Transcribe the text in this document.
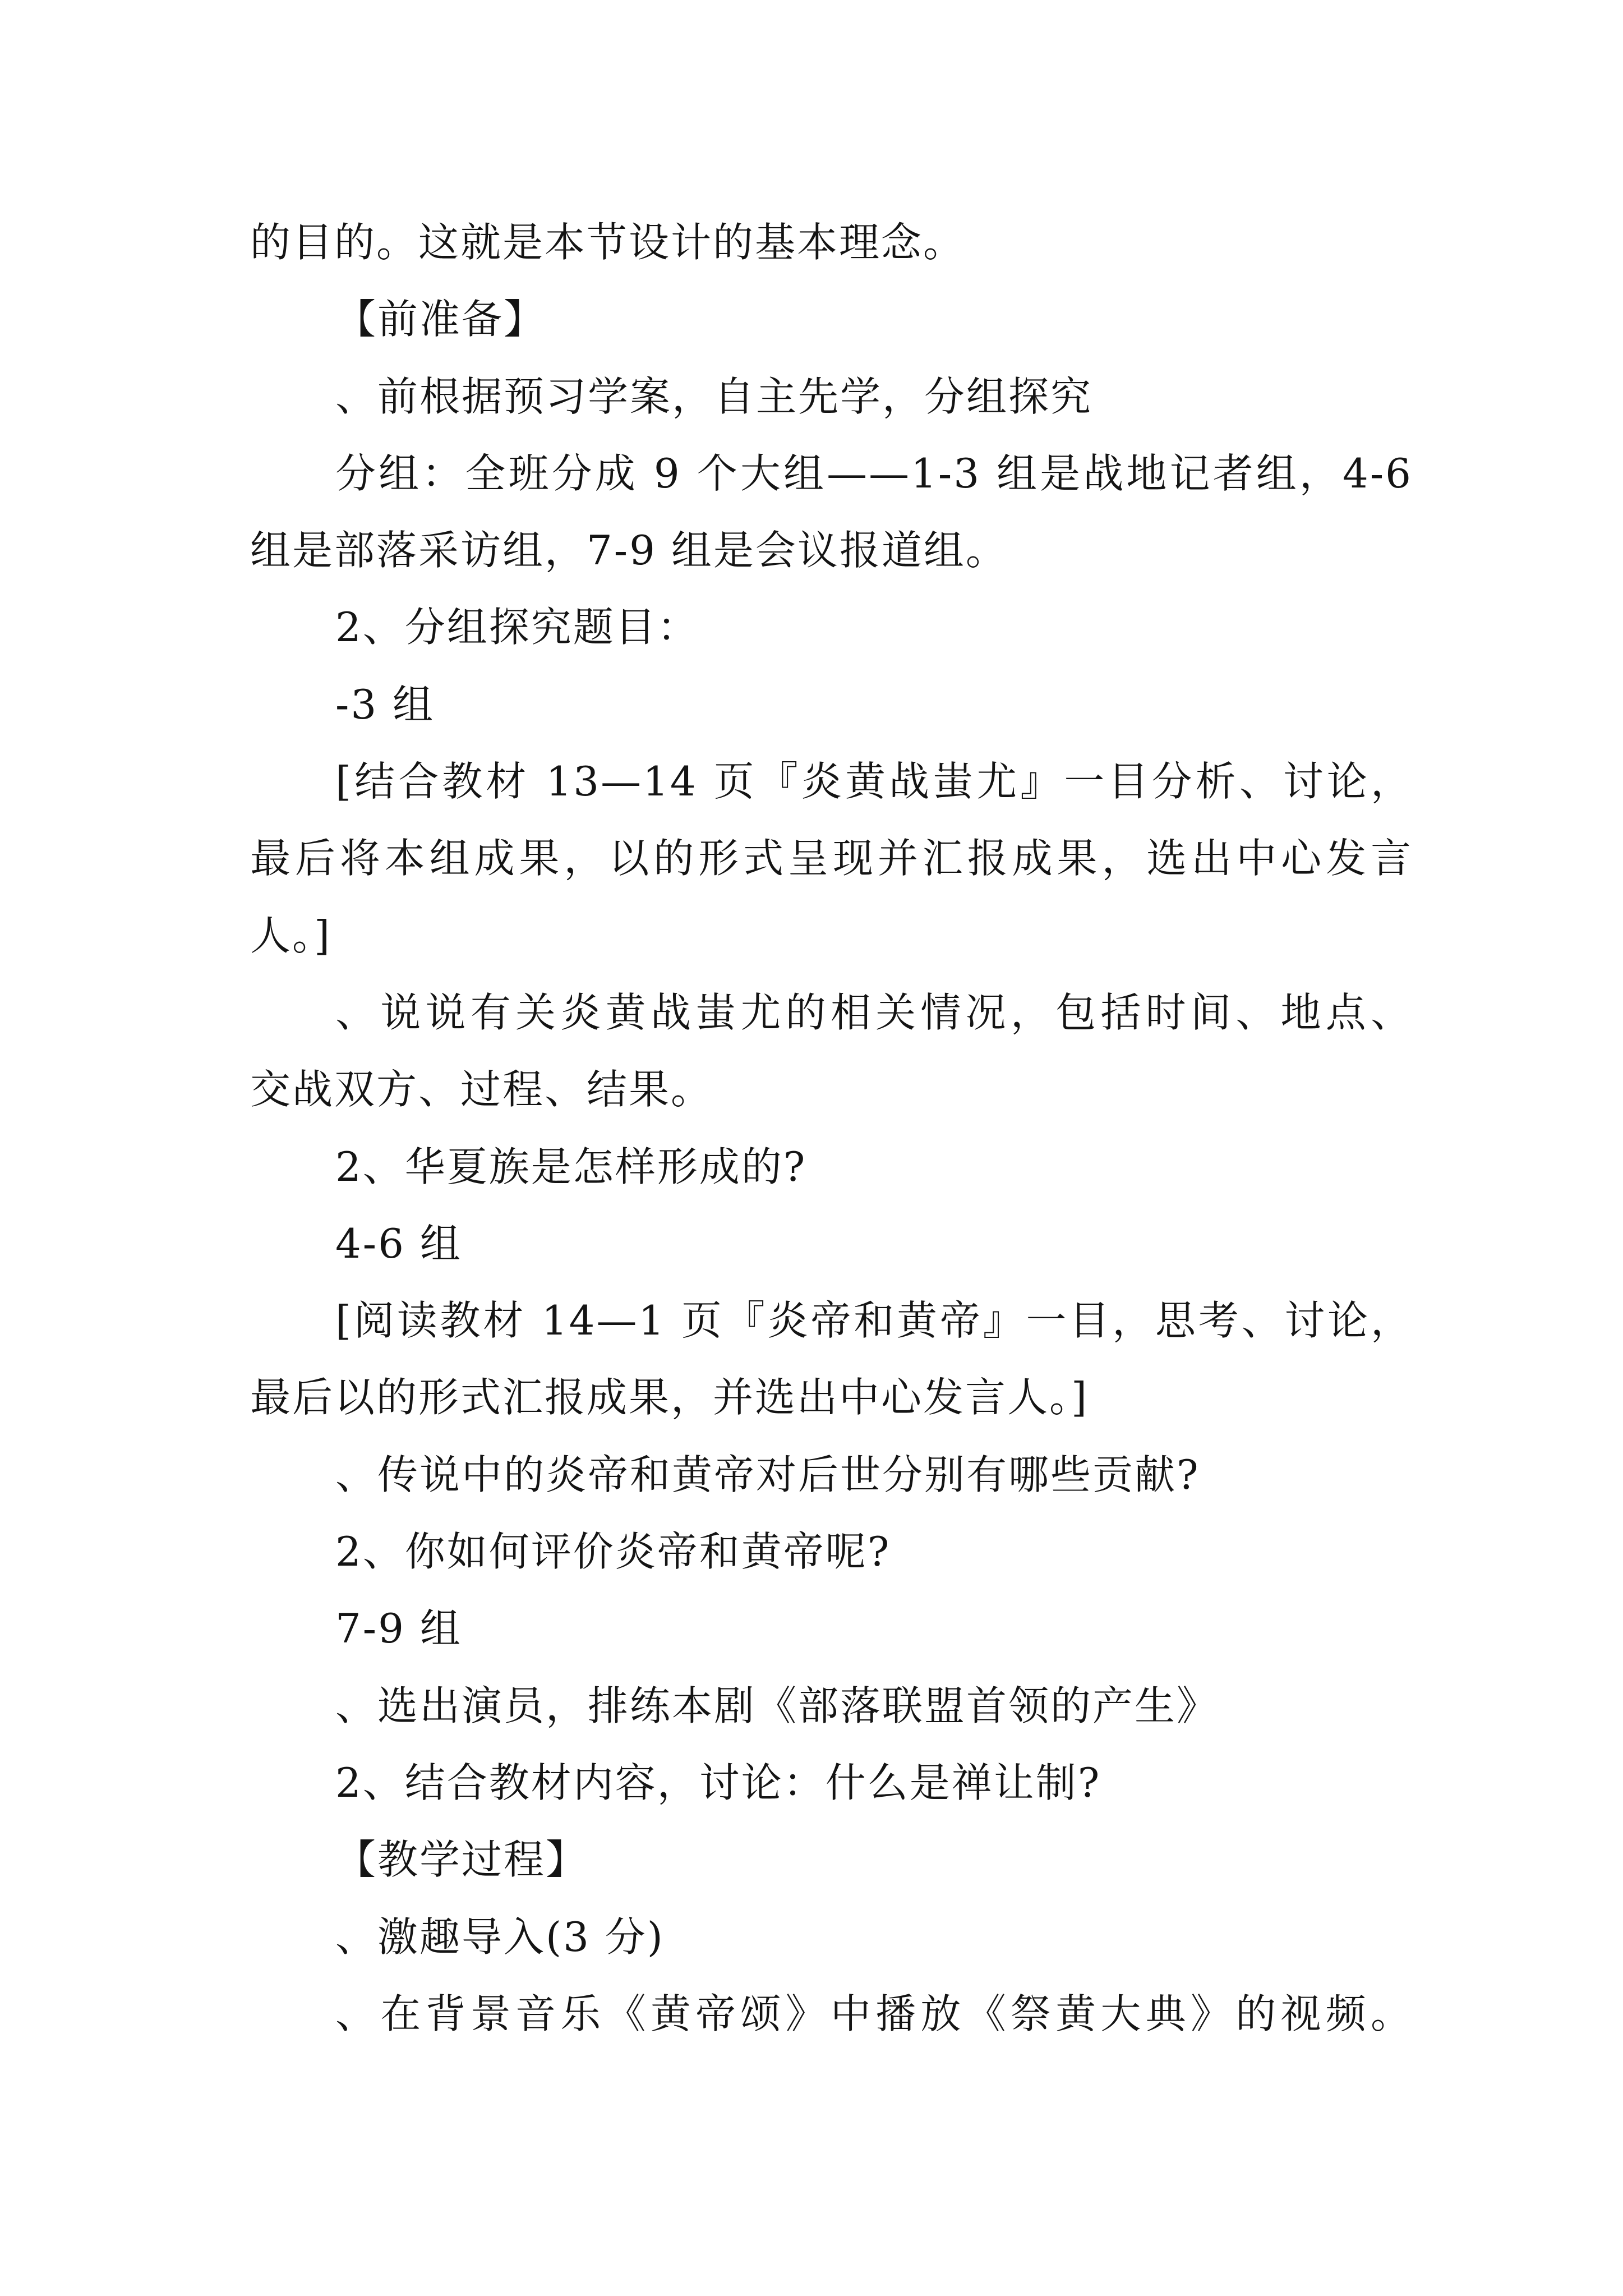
的目的。这就是本节设计的基本理念。
【前准备】
、前根据预习学案，自主先学，分组探究
分组：全班分成 9 个大组——1-3 组是战地记者组，4-6
组是部落采访组，7-9 组是会议报道组。
2、分组探究题目：
-3 组
[结合教材 13—14 页『炎黄战蚩尤』一目分析、讨论，
最后将本组成果，以的形式呈现并汇报成果，选出中心发言
人。]
、说说有关炎黄战蚩尤的相关情况，包括时间、地点、
交战双方、过程、结果。
2、华夏族是怎样形成的?
4-6 组
[阅读教材 14—1 页『炎帝和黄帝』一目，思考、讨论，
最后以的形式汇报成果，并选出中心发言人。]
、传说中的炎帝和黄帝对后世分别有哪些贡献?
2、你如何评价炎帝和黄帝呢?
7-9 组
、选出演员，排练本剧《部落联盟首领的产生》
2、结合教材内容，讨论：什么是禅让制?
【教学过程】
、激趣导入(3 分)
、在背景音乐《黄帝颂》中播放《祭黄大典》的视频。
